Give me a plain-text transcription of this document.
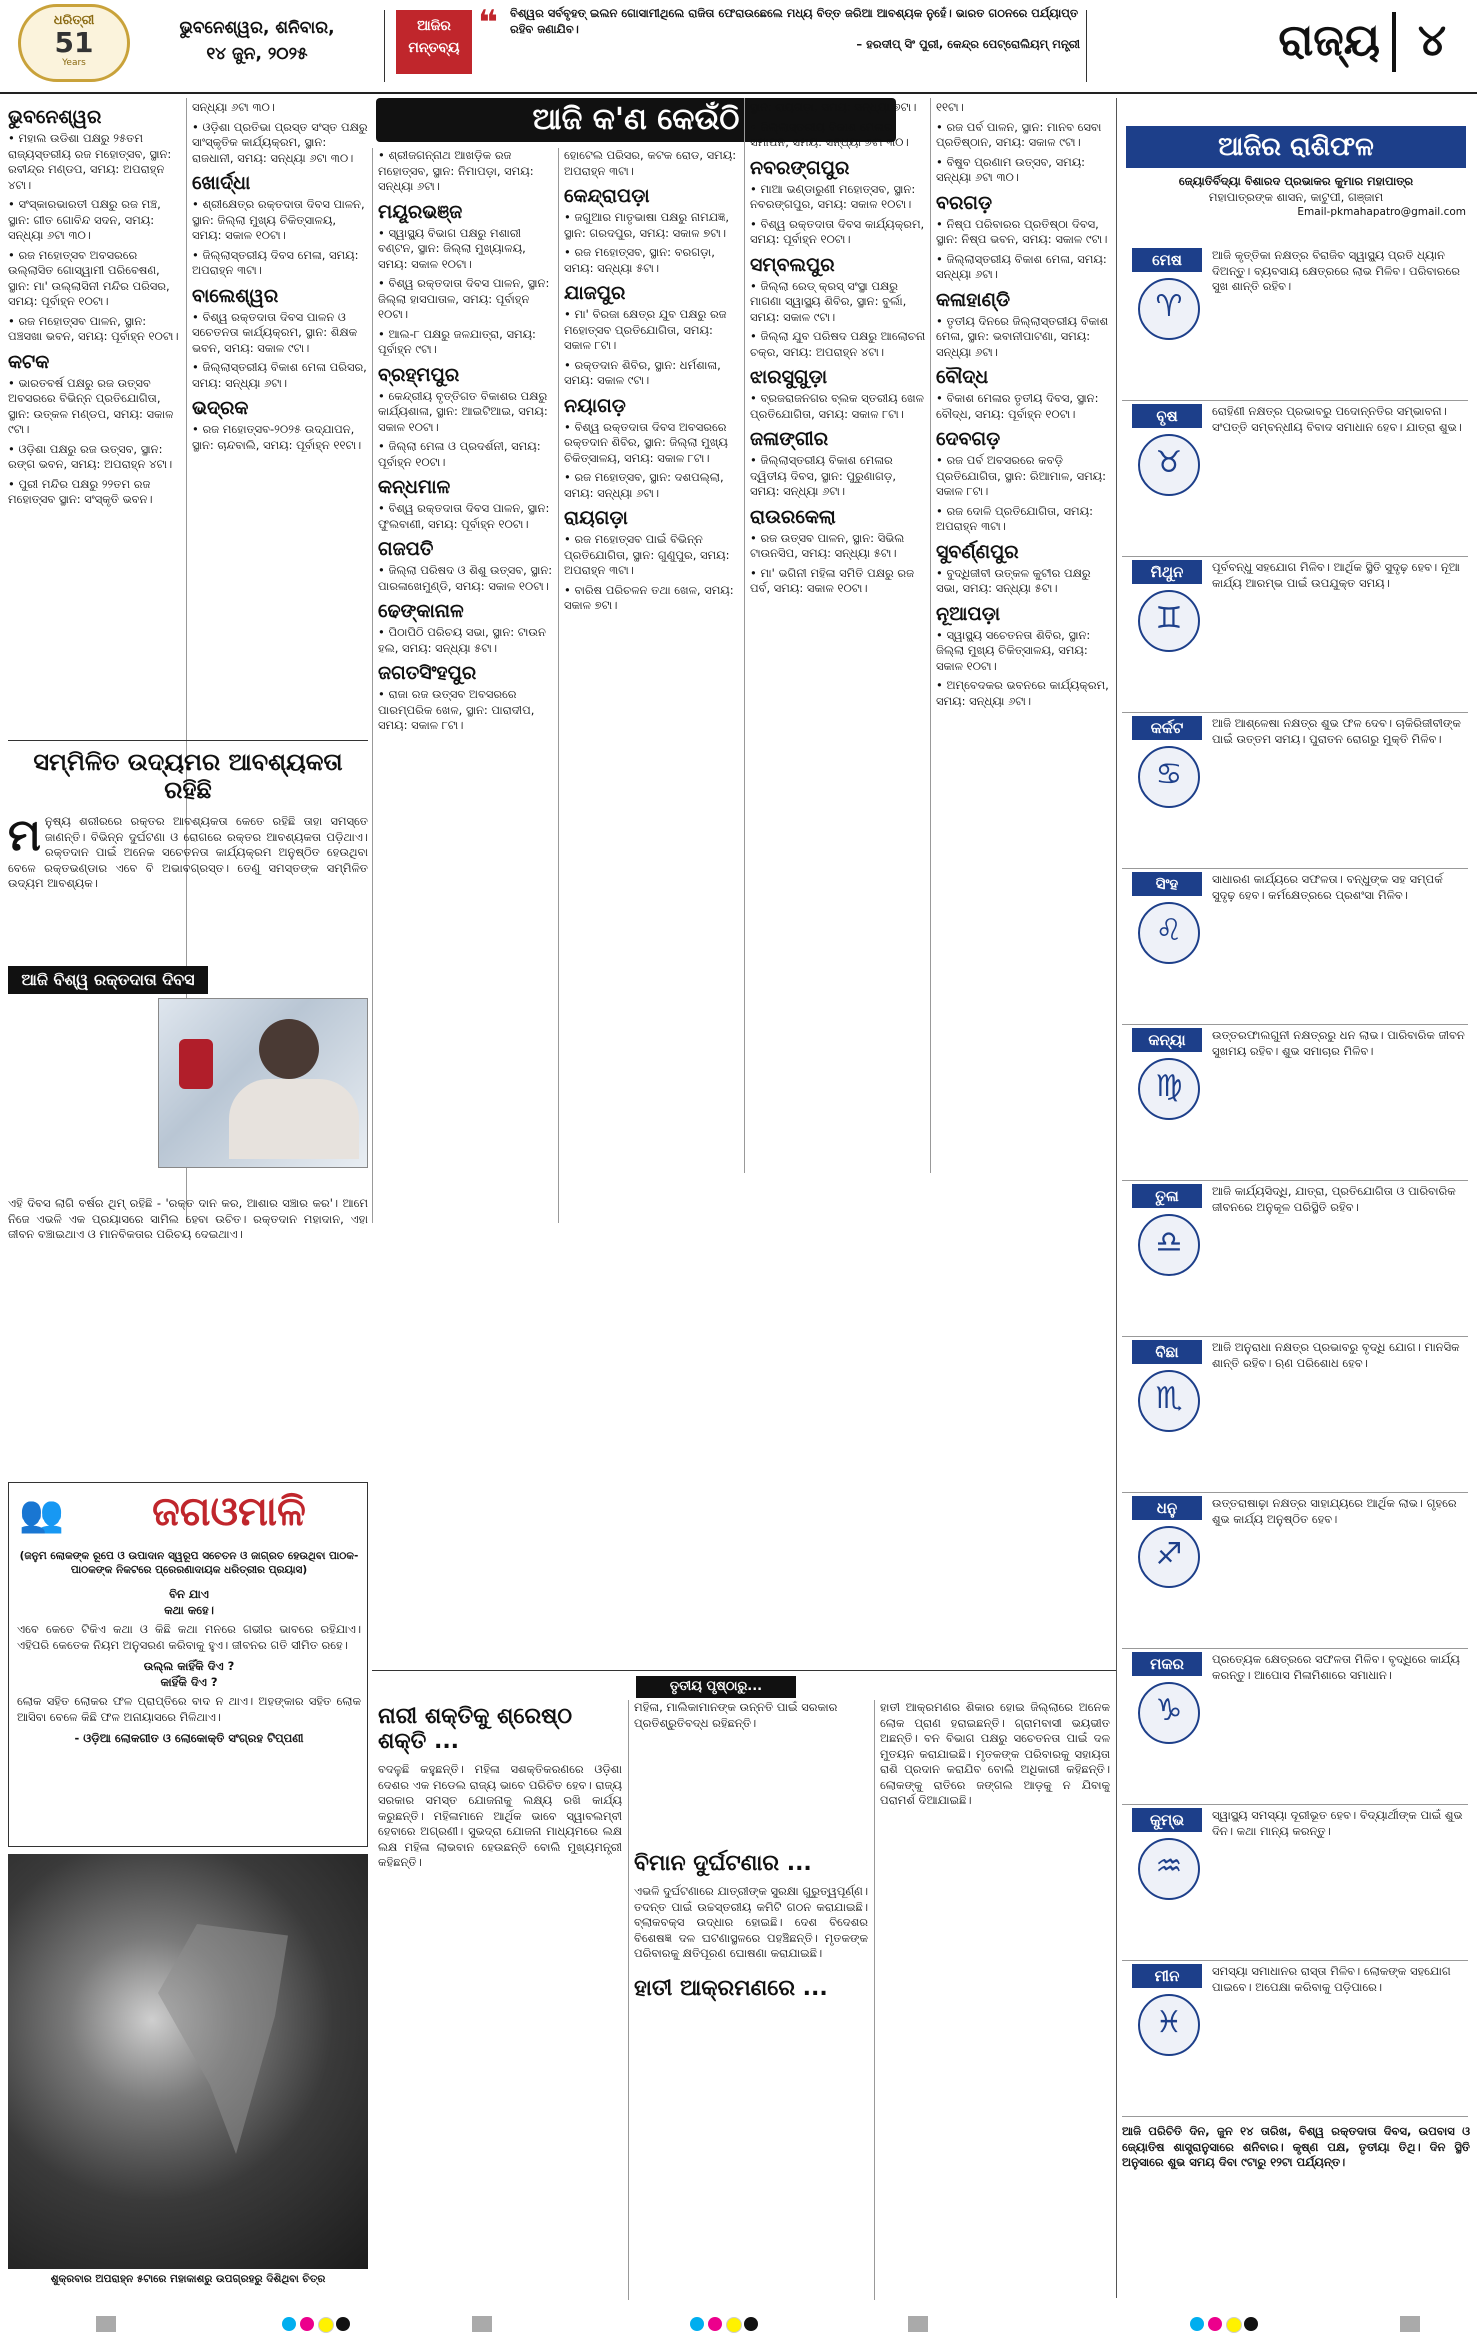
ଧରିତ୍ରୀ
51
Years
ଭୁବନେଶ୍ୱର, ଶନିବାର,
୧୪ ଜୁନ, ୨୦୨୫
ଆଜିର
ମନ୍ତବ୍ୟ
❝	ବିଶ୍ୱର ସର୍ବବୃହତ୍ ଇଲନ ଗୋସାମୀଥିଲେ ରାଜିତା ଫେରାଉଛେଲେ ମଧ୍ୟ ବିତ୍ତ ଜରିଆ ଆବଶ୍ୟକ ନୁହେଁ। ଭାରତ ଗଠନରେ ପର୍ଯ୍ୟାପ୍ତ ରହିବ ଜଣାଯିବ।
– ହରଦୀପ୍ ସିଂ ପୁରୀ, କେନ୍ଦ୍ର ପେଟ୍ରୋଲିୟମ୍ ମନ୍ତ୍ରୀ	ରାଜ୍ୟ ୪
ଆଜି କ'ଣ କେଉଁଠି
ଭୁବନେଶ୍ୱର
• ମହାଲ ଉଡିଶା ପକ୍ଷରୁ ୨୫ତମ ରାଜ୍ୟସ୍ତରୀୟ ରଜ ମହୋତ୍ସବ, ସ୍ଥାନ: ରବୀନ୍ଦ୍ର ମଣ୍ଡପ, ସମୟ: ଅପରାହ୍ନ ୪ଟା।
• ସଂସ୍କାରଭାରତୀ ପକ୍ଷରୁ ରଜ ମଞ୍ଚ, ସ୍ଥାନ: ଗୀତ ଗୋବିନ୍ଦ ସଦନ, ସମୟ: ସନ୍ଧ୍ୟା ୬ଟା ୩୦।
• ରଜ ମହୋତ୍ସବ ଅବସରରେ ଉଲ୍ଲାସିତ ଗୋସ୍ୱାମୀ ପରିବେଷଣ, ସ୍ଥାନ: ମା' ଉଲ୍ଲାସିନୀ ମନ୍ଦିର ପରିସର, ସମୟ: ପୂର୍ବାହ୍ନ ୧୦ଟା।
• ରଜ ମହୋତ୍ସବ ପାଳନ, ସ୍ଥାନ: ପଞ୍ଚସଖା ଭବନ, ସମୟ: ପୂର୍ବାହ୍ନ ୧୦ଟା।
କଟକ
• ଭାରତବର୍ଷ ପକ୍ଷରୁ ରଜ ଉତ୍ସବ ଅବସରରେ ବିଭିନ୍ନ ପ୍ରତିଯୋଗିତା, ସ୍ଥାନ: ଉତ୍କଳ ମଣ୍ଡପ, ସମୟ: ସକାଳ ୯ଟା।
• ଓଡ଼ିଶା ପକ୍ଷରୁ ରଜ ଉତ୍ସବ, ସ୍ଥାନ: ରଙ୍ଗ ଭବନ, ସମୟ: ଅପରାହ୍ନ ୪ଟା।
• ପୁରୀ ମନ୍ଦିର ପକ୍ଷରୁ ୨୨ତମ ରଜ ମହୋତ୍ସବ ସ୍ଥାନ: ସଂସ୍କୃତି ଭବନ।
ସନ୍ଧ୍ୟା ୬ଟା ୩୦।
• ଓଡ଼ିଶା ପ୍ରତିଭା ପ୍ରସ୍ତ ସଂସ୍ତ ପକ୍ଷରୁ ସାଂସ୍କୃତିକ କାର୍ଯ୍ୟକ୍ରମ, ସ୍ଥାନ: ରାଜଧାନୀ, ସମୟ: ସନ୍ଧ୍ୟା ୬ଟା ୩୦।
ଖୋର୍ଦ୍ଧା
• ଶ୍ରୀକ୍ଷେତ୍ର ରକ୍ତଦାତା ଦିବସ ପାଳନ, ସ୍ଥାନ: ଜିଲ୍ଲା ମୁଖ୍ୟ ଚିକିତ୍ସାଳୟ, ସମୟ: ସକାଳ ୧୦ଟା।
• ଜିଲ୍ଲାସ୍ତରୀୟ ଦିବସ ମେଳା, ସମୟ: ଅପରାହ୍ନ ୩ଟା।
ବାଲେଶ୍ୱର
• ବିଶ୍ୱ ରକ୍ତଦାତା ଦିବସ ପାଳନ ଓ ସଚେତନତା କାର୍ଯ୍ୟକ୍ରମ, ସ୍ଥାନ: ଶିକ୍ଷକ ଭବନ, ସମୟ: ସକାଳ ୯ଟା।
• ଜିଲ୍ଲାସ୍ତରୀୟ ବିକାଶ ମେଳା ପରିସର, ସମୟ: ସନ୍ଧ୍ୟା ୬ଟା।
ଭଦ୍ରକ
• ରଜ ମହୋତ୍ସବ-୨୦୨୫ ଉଦ୍‌ଯାପନ, ସ୍ଥାନ: ଚାନ୍ଦବାଲି, ସମୟ: ପୂର୍ବାହ୍ନ ୧୧ଟା।
• ଶ୍ରୀଜଗନ୍ନାଥ ଆଖଡ଼ିକ ରଜ ମହୋତ୍ସବ, ସ୍ଥାନ: ନିମାପଡ଼ା, ସମୟ: ସନ୍ଧ୍ୟା ୬ଟା।
ମୟୂରଭଞ୍ଜ
• ସ୍ୱାସ୍ଥ୍ୟ ବିଭାଗ ପକ୍ଷରୁ ମଶାରୀ ବଣ୍ଟନ, ସ୍ଥାନ: ଜିଲ୍ଲା ମୁଖ୍ୟାଳୟ, ସମୟ: ସକାଳ ୧୦ଟା।
• ବିଶ୍ୱ ରକ୍ତଦାତା ଦିବସ ପାଳନ, ସ୍ଥାନ: ଜିଲ୍ଲା ହାସପାତାଳ, ସମୟ: ପୂର୍ବାହ୍ନ ୧୦ଟା।
• ଆଲ-୮ ପକ୍ଷରୁ ଜଳଯାତ୍ରା, ସମୟ: ପୂର୍ବାହ୍ନ ୯ଟା।
ବ୍ରହ୍ମପୁର
• କେନ୍ଦ୍ରୀୟ ବୃତ୍ତିଗତ ବିକାଶର ପକ୍ଷରୁ କାର୍ଯ୍ୟଶାଳା, ସ୍ଥାନ: ଆଇଟିଆଇ, ସମୟ: ସକାଳ ୧୦ଟା।
• ଜିଲ୍ଲା ମେଳା ଓ ପ୍ରଦର୍ଶନୀ, ସମୟ: ପୂର୍ବାହ୍ନ ୧୦ଟା।
କନ୍ଧମାଳ
• ବିଶ୍ୱ ରକ୍ତଦାତା ଦିବସ ପାଳନ, ସ୍ଥାନ: ଫୁଲବାଣୀ, ସମୟ: ପୂର୍ବାହ୍ନ ୧୦ଟା।
ଗଜପତି
• ଜିଲ୍ଲା ପରିଷଦ ଓ ଶିଶୁ ଉତ୍ସବ, ସ୍ଥାନ: ପାରଳାଖେମୁଣ୍ଡି, ସମୟ: ସକାଳ ୧୦ଟା।
ଢେଙ୍କାନାଳ
• ପିଠାପିଠି ପରିଚୟ ସଭା, ସ୍ଥାନ: ଟାଉନ ହଲ, ସମୟ: ସନ୍ଧ୍ୟା ୫ଟା।
ଜଗତସିଂହପୁର
• ରାଜା ରଜ ଉତ୍ସବ ଅବସରରେ ପାରମ୍ପରିକ ଖେଳ, ସ୍ଥାନ: ପାରାଦୀପ, ସମୟ: ସକାଳ ୮ଟା।
ହୋଟେଲ ପରିସର, କଟକ ରୋଡ, ସମୟ: ଅପରାହ୍ନ ୩ଟା।
କେନ୍ଦ୍ରାପଡ଼ା
• ଜଗୁଆର ମାତୃଭାଷା ପକ୍ଷରୁ ନାମଯଜ୍ଞ, ସ୍ଥାନ: ଗରଦପୁର, ସମୟ: ସକାଳ ୭ଟା।
• ରଜ ମହୋତ୍ସବ, ସ୍ଥାନ: ବରଗଡ଼ା, ସମୟ: ସନ୍ଧ୍ୟା ୫ଟା।
ଯାଜପୁର
• ମା' ବିରଜା କ୍ଷେତ୍ର ଯୁବ ପକ୍ଷରୁ ରଜ ମହୋତ୍ସବ ପ୍ରତିଯୋଗିତା, ସମୟ: ସକାଳ ୮ଟା।
• ରକ୍ତଦାନ ଶିବିର, ସ୍ଥାନ: ଧର୍ମଶାଳା, ସମୟ: ସକାଳ ୯ଟା।
ନୟାଗଡ଼
• ବିଶ୍ୱ ରକ୍ତଦାତା ଦିବସ ଅବସରରେ ରକ୍ତଦାନ ଶିବିର, ସ୍ଥାନ: ଜିଲ୍ଲା ମୁଖ୍ୟ ଚିକିତ୍ସାଳୟ, ସମୟ: ସକାଳ ୮ଟା।
• ରଜ ମହୋତ୍ସବ, ସ୍ଥାନ: ଦଶପଲ୍ଲା, ସମୟ: ସନ୍ଧ୍ୟା ୬ଟା।
ରାୟଗଡ଼ା
• ରଜ ମହୋତ୍ସବ ପାଇଁ ବିଭିନ୍ନ ପ୍ରତିଯୋଗିତା, ସ୍ଥାନ: ଗୁଣୁପୁର, ସମୟ: ଅପରାହ୍ନ ୩ଟା।
• ବାରିଷ ପରିଚଳନ ତଥା ଖେଳ, ସମୟ: ସକାଳ ୭ଟା।
ସ୍ଥାନ: ରାୟଗଡ଼ା, ସମୟ: ସନ୍ଧ୍ୟା ୬ଟା।
• ଜିଲ୍ଲାସ୍ତରୀୟ ବିକାଶ ମେଳାର ସମାପନ, ସମୟ: ସନ୍ଧ୍ୟା ୬ଟା ୩୦।
ନବରଙ୍ଗପୁର
• ମାଆ ଭଣ୍ଡାରୁଣୀ ମହୋତ୍ସବ, ସ୍ଥାନ: ନବରଙ୍ଗପୁର, ସମୟ: ସକାଳ ୧୦ଟା।
• ବିଶ୍ୱ ରକ୍ତଦାତା ଦିବସ କାର୍ଯ୍ୟକ୍ରମ, ସମୟ: ପୂର୍ବାହ୍ନ ୧୦ଟା।
ସମ୍ବଲପୁର
• ଜିଲ୍ଲା ରେଡ୍ କ୍ରସ୍ ସଂସ୍ଥା ପକ୍ଷରୁ ମାଗଣା ସ୍ୱାସ୍ଥ୍ୟ ଶିବିର, ସ୍ଥାନ: ବୁର୍ଲା, ସମୟ: ସକାଳ ୯ଟା।
• ଜିଲ୍ଲା ଯୁବ ପରିଷଦ ପକ୍ଷରୁ ଆଲୋଚନା ଚକ୍ର, ସମୟ: ଅପରାହ୍ନ ୪ଟା।
ଝାରସୁଗୁଡ଼ା
• ବ୍ରଜରାଜନଗର ବ୍ଲକ ସ୍ତରୀୟ ଖେଳ ପ୍ରତିଯୋଗିତା, ସମୟ: ସକାଳ ୮ଟା।
ଜଳାଙ୍ଗୀର
• ଜିଲ୍ଲାସ୍ତରୀୟ ବିକାଶ ମେଳାର ଦ୍ୱିତୀୟ ଦିବସ, ସ୍ଥାନ: ପୁରୁଣାଗଡ଼, ସମୟ: ସନ୍ଧ୍ୟା ୬ଟା।
ରାଉରକେଲା
• ରଜ ଉତ୍ସବ ପାଳନ, ସ୍ଥାନ: ସିଭିଲ ଟାଉନସିପ, ସମୟ: ସନ୍ଧ୍ୟା ୫ଟା।
• ମା' ଭଗିନୀ ମହିଳା ସମିତି ପକ୍ଷରୁ ରଜ ପର୍ବ, ସମୟ: ସକାଳ ୧୦ଟା।
୧୧ଟା।
• ରଜ ପର୍ବ ପାଳନ, ସ୍ଥାନ: ମାନବ ସେବା ପ୍ରତିଷ୍ଠାନ, ସମୟ: ସକାଳ ୯ଟା।
• ବିଷୁବ ପ୍ରଣାମ ଉତ୍ସବ, ସମୟ: ସନ୍ଧ୍ୟା ୬ଟା ୩୦।
ବରଗଡ଼
• ନିଷ୍ପ ପରିବାରର ପ୍ରତିଷ୍ଠା ଦିବସ, ସ୍ଥାନ: ନିଷ୍ପ ଭବନ, ସମୟ: ସକାଳ ୯ଟା।
• ଜିଲ୍ଲାସ୍ତରୀୟ ବିକାଶ ମେଳା, ସମୟ: ସନ୍ଧ୍ୟା ୬ଟା।
କଳାହାଣ୍ଡି
• ତୃତୀୟ ଦିନରେ ଜିଲ୍ଲାସ୍ତରୀୟ ବିକାଶ ମେଳା, ସ୍ଥାନ: ଭବାନୀପାଟଣା, ସମୟ: ସନ୍ଧ୍ୟା ୬ଟା।
ବୌଦ୍ଧ
• ବିକାଶ ମେଳାର ତୃତୀୟ ଦିବସ, ସ୍ଥାନ: ବୌଦ୍ଧ, ସମୟ: ପୂର୍ବାହ୍ନ ୧୦ଟା।
ଦେବଗଡ଼
• ରଜ ପର୍ବ ଅବସରରେ କବଡ଼ି ପ୍ରତିଯୋଗିତା, ସ୍ଥାନ: ରିଆମାଳ, ସମୟ: ସକାଳ ୮ଟା।
• ରଜ ଦୋଳି ପ୍ରତିଯୋଗିତା, ସମୟ: ଅପରାହ୍ନ ୩ଟା।
ସୁବର୍ଣ୍ଣପୁର
• ବୁଦ୍ଧିଜୀବୀ ଉତ୍କଳ କୁଟୀର ପକ୍ଷରୁ ସଭା, ସମୟ: ସନ୍ଧ୍ୟା ୫ଟା।
ନୂଆପଡ଼ା
• ସ୍ୱାସ୍ଥ୍ୟ ସଚେତନତା ଶିବିର, ସ୍ଥାନ: ଜିଲ୍ଲା ମୁଖ୍ୟ ଚିକିତ୍ସାଳୟ, ସମୟ: ସକାଳ ୧୦ଟା।
• ଅମ୍ବେଦକର ଭବନରେ କାର୍ଯ୍ୟକ୍ରମ, ସମୟ: ସନ୍ଧ୍ୟା ୬ଟା।
ସମ୍ମିଳିତ ଉଦ୍ୟମର ଆବଶ୍ୟକତା ରହିଛି
ମ ନୁଷ୍ୟ ଶରୀରରେ ରକ୍ତର ଆବଶ୍ୟକତା କେତେ ରହିଛି ତାହା ସମସ୍ତେ ଜାଣନ୍ତି। ବିଭିନ୍ନ ଦୁର୍ଘଟଣା ଓ ରୋଗରେ ରକ୍ତର ଆବଶ୍ୟକତା ପଡ଼ିଥାଏ। ରକ୍ତଦାନ ପାଇଁ ଅନେକ ସଚେତନତା କାର୍ଯ୍ୟକ୍ରମ ଅନୁଷ୍ଠିତ ହେଉଥିବା ବେଳେ ରକ୍ତଭଣ୍ଡାର ଏବେ ବି ଅଭାବଗ୍ରସ୍ତ। ତେଣୁ ସମସ୍ତଙ୍କ ସମ୍ମିଳିତ ଉଦ୍ୟମ ଆବଶ୍ୟକ।
ଆଜି ବିଶ୍ୱ ରକ୍ତଦାତା ଦିବସ
ଏହି ଦିବସ ଲାଗି ବର୍ଷର ଥିମ୍ ରହିଛି - 'ରକ୍ତ ଦାନ କର, ଆଶାର ସଞ୍ଚାର କର'। ଆମେ ନିଜେ ଏଭଳି ଏକ ପ୍ରୟାସରେ ସାମିଲ ହେବା ଉଚିତ। ରକ୍ତଦାନ ମହାଦାନ, ଏହା ଜୀବନ ବଞ୍ଚାଇଥାଏ ଓ ମାନବିକତାର ପରିଚୟ ଦେଇଥାଏ।
👥	ଜଗଓମାଳି
(ଜନୁମ ଲୋକଙ୍କ ରୂପେ ଓ ଉପାଦାନ ସ୍ୱରୂପ ସଚେତନ ଓ ଜାଗ୍ରତ ହେଉଥିବା ପାଠକ-ପାଠକଙ୍କ ନିକଟରେ ପ୍ରେରଣାଦାୟକ ଧରିତ୍ରୀର ପ୍ରୟାସ)
ବିନ ଯାଏ
କଥା କହେ।
ଏବେ କେତେ ଟିକିଏ କଥା ଓ କିଛି କଥା ମନରେ ଗଭୀର ଭାବରେ ରହିଯାଏ। ଏହିପରି କେତେକ ନିୟମ ଅନୁସରଣ କରିବାକୁ ହୁଏ। ଜୀବନର ଗତି ସୀମିତ ରହେ।
ଉଲ୍ଲ କାହିଁକି ଦିଏ ?
କାହିଁକି ଦିଏ ?
ଲୋକ ସହିତ ଲୋକର ଫଳ ପ୍ରାପ୍ତିରେ ବାଦ ନ ଥାଏ। ଅହଙ୍କାର ସହିତ ଲୋକ ଆସିବା ବେଳେ କିଛି ଫଳ ଅନାୟାସରେ ମିଳିଥାଏ।
- ଓଡ଼ିଆ ଲୋକଗୀତ ଓ ଲୋକୋକ୍ତି ସଂଗ୍ରହ ଟିପ୍ପଣୀ
ଶୁକ୍ରବାର ଅପରାହ୍ନ ୫ଟାରେ ମହାକାଶରୁ ଉପଗ୍ରହରୁ ଦିଶିଥିବା ଚିତ୍ର
ତୃତୀୟ ପୃଷ୍ଠାରୁ...
ନାରୀ ଶକ୍ତିକୁ ଶ୍ରେଷ୍ଠ ଶକ୍ତି ...
ବଦଳୁଛି କହୁଛନ୍ତି। ମହିଳା ସଶକ୍ତିକରଣରେ ଓଡ଼ିଶା ଦେଶର ଏକ ମଡେଲ ରାଜ୍ୟ ଭାବେ ପରିଚିତ ହେବ। ରାଜ୍ୟ ସରକାର ସମସ୍ତ ଯୋଜନାକୁ ଲକ୍ଷ୍ୟ ରଖି କାର୍ଯ୍ୟ କରୁଛନ୍ତି। ମହିଳାମାନେ ଆର୍ଥିକ ଭାବେ ସ୍ୱାବଲମ୍ବୀ ହେବାରେ ଅଗ୍ରଣୀ। ସୁଭଦ୍ରା ଯୋଜନା ମାଧ୍ୟମରେ ଲକ୍ଷ ଲକ୍ଷ ମହିଳା ଲାଭବାନ ହେଉଛନ୍ତି ବୋଲି ମୁଖ୍ୟମନ୍ତ୍ରୀ କହିଛନ୍ତି।
ମହିଳା, ମାଲିକାମାନଙ୍କ ଉନ୍ନତି ପାଇଁ ସରକାର ପ୍ରତିଶ୍ରୁତିବଦ୍ଧ ରହିଛନ୍ତି।
ବିମାନ ଦୁର୍ଘଟଣାର ...
ଏଭଳି ଦୁର୍ଘଟଣାରେ ଯାତ୍ରୀଙ୍କ ସୁରକ୍ଷା ଗୁରୁତ୍ୱପୂର୍ଣ୍ଣ। ତଦନ୍ତ ପାଇଁ ଉଚ୍ଚସ୍ତରୀୟ କମିଟି ଗଠନ କରାଯାଇଛି। ବ୍ଲାକବକ୍ସ ଉଦ୍ଧାର ହୋଇଛି। ଦେଶ ବିଦେଶର ବିଶେଷଜ୍ଞ ଦଳ ଘଟଣାସ୍ଥଳରେ ପହଞ୍ଚିଛନ୍ତି। ମୃତକଙ୍କ ପରିବାରକୁ କ୍ଷତିପୂରଣ ଘୋଷଣା କରାଯାଇଛି।
ହାତୀ ଆକ୍ରମଣରେ ...
ହାତୀ ଆକ୍ରମଣର ଶିକାର ହୋଇ ଜିଲ୍ଲାରେ ଅନେକ ଲୋକ ପ୍ରାଣ ହରାଇଛନ୍ତି। ଗ୍ରାମବାସୀ ଭୟଭୀତ ଅଛନ୍ତି। ବନ ବିଭାଗ ପକ୍ଷରୁ ସଚେତନତା ପାଇଁ ଦଳ ମୁତୟନ କରାଯାଇଛି। ମୃତକଙ୍କ ପରିବାରକୁ ସହାୟତା ରାଶି ପ୍ରଦାନ କରାଯିବ ବୋଲି ଅଧିକାରୀ କହିଛନ୍ତି। ଲୋକଙ୍କୁ ରାତିରେ ଜଙ୍ଗଲ ଆଡ଼କୁ ନ ଯିବାକୁ ପରାମର୍ଶ ଦିଆଯାଇଛି।
ଆଜିର ରାଶିଫଳ
ଜ୍ୟୋତିର୍ବିଦ୍ୟା ବିଶାରଦ ପ୍ରଭାକର କୁମାର ମହାପାତ୍ର
ମହାପାତ୍ରଙ୍କ ଶାସନ, କାଟୁପୀ, ଗଞ୍ଜାମ
Email-pkmahapatro@gmail.com
ମେଷ
♈
ଆଜି କୃତ୍ତିକା ନକ୍ଷତ୍ର ବିରାଜିବ ସ୍ୱାସ୍ଥ୍ୟ ପ୍ରତି ଧ୍ୟାନ ଦିଅନ୍ତୁ। ବ୍ୟବସାୟ କ୍ଷେତ୍ରରେ ଲାଭ ମିଳିବ। ପରିବାରରେ ସୁଖ ଶାନ୍ତି ରହିବ।
ବୃଷ
♉
ରୋହିଣୀ ନକ୍ଷତ୍ର ପ୍ରଭାବରୁ ପଦୋନ୍ନତିର ସମ୍ଭାବନା। ସଂପତ୍ତି ସମ୍ବନ୍ଧୀୟ ବିବାଦ ସମାଧାନ ହେବ। ଯାତ୍ରା ଶୁଭ।
ମିଥୁନ
♊
ପୂର୍ବବନ୍ଧୁ ସହଯୋଗ ମିଳିବ। ଆର୍ଥିକ ସ୍ଥିତି ସୁଦୃଢ଼ ହେବ। ନୂଆ କାର୍ଯ୍ୟ ଆରମ୍ଭ ପାଇଁ ଉପଯୁକ୍ତ ସମୟ।
କର୍କଟ
♋
ଆଜି ଆଶ୍ଳେଷା ନକ୍ଷତ୍ର ଶୁଭ ଫଳ ଦେବ। ଚାକିରିଜୀବୀଙ୍କ ପାଇଁ ଉତ୍ତମ ସମୟ। ପୁରାତନ ରୋଗରୁ ମୁକ୍ତି ମିଳିବ।
ସିଂହ
♌
ସାଧାରଣ କାର୍ଯ୍ୟରେ ସଫଳତା। ବନ୍ଧୁଙ୍କ ସହ ସମ୍ପର୍କ ସୁଦୃଢ଼ ହେବ। କର୍ମକ୍ଷେତ୍ରରେ ପ୍ରଶଂସା ମିଳିବ।
କନ୍ୟା
♍
ଉତ୍ତରଫାଲଗୁନୀ ନକ୍ଷତ୍ରରୁ ଧନ ଲାଭ। ପାରିବାରିକ ଜୀବନ ସୁଖମୟ ରହିବ। ଶୁଭ ସମାଚାର ମିଳିବ।
ତୁଳା
♎
ଆଜି କାର୍ଯ୍ୟସିଦ୍ଧି, ଯାତ୍ରା, ପ୍ରତିଯୋଗିତା ଓ ପାରିବାରିକ ଜୀବନରେ ଅନୁକୂଳ ପରିସ୍ଥିତି ରହିବ।
ବିଛା
♏
ଆଜି ଅନୁରାଧା ନକ୍ଷତ୍ର ପ୍ରଭାବରୁ ବୃଦ୍ଧି ଯୋଗ। ମାନସିକ ଶାନ୍ତି ରହିବ। ଋଣ ପରିଶୋଧ ହେବ।
ଧନୁ
♐
ଉତ୍ତରାଷାଢ଼ା ନକ୍ଷତ୍ର ସାହାଯ୍ୟରେ ଆର୍ଥିକ ଲାଭ। ଗୃହରେ ଶୁଭ କାର୍ଯ୍ୟ ଅନୁଷ୍ଠିତ ହେବ।
ମକର
♑
ପ୍ରତ୍ୟେକ କ୍ଷେତ୍ରରେ ସଫଳତା ମିଳିବ। ବୃଦ୍ଧିରେ କାର୍ଯ୍ୟ କରନ୍ତୁ। ଆପୋସ ମିଳାମିଶାରେ ସମାଧାନ।
କୁମ୍ଭ
♒
ସ୍ୱାସ୍ଥ୍ୟ ସମସ୍ୟା ଦୂରୀଭୂତ ହେବ। ବିଦ୍ୟାର୍ଥୀଙ୍କ ପାଇଁ ଶୁଭ ଦିନ। କଥା ମାନ୍ୟ କରନ୍ତୁ।
ମୀନ
♓
ସମସ୍ୟା ସମାଧାନର ରାସ୍ତା ମିଳିବ। ଲୋକଙ୍କ ସହଯୋଗ ପାଇବେ। ଅପେକ୍ଷା କରିବାକୁ ପଡ଼ିପାରେ।
ଆଜି ପରିଚିତି ଦିନ, ଜୁନ ୧୪ ତାରିଖ, ବିଶ୍ୱ ରକ୍ତଦାତା ଦିବସ, ଉପବାସ ଓ ଜ୍ୟୋତିଷ ଶାସ୍ତ୍ରାନୁସାରେ ଶନିବାର। କୃଷ୍ଣ ପକ୍ଷ, ତୃତୀୟା ତିଥି। ଦିନ ସ୍ଥିତି ଅନୁସାରେ ଶୁଭ ସମୟ ଦିବା ୯ଟାରୁ ୧୨ଟା ପର୍ଯ୍ୟନ୍ତ।
